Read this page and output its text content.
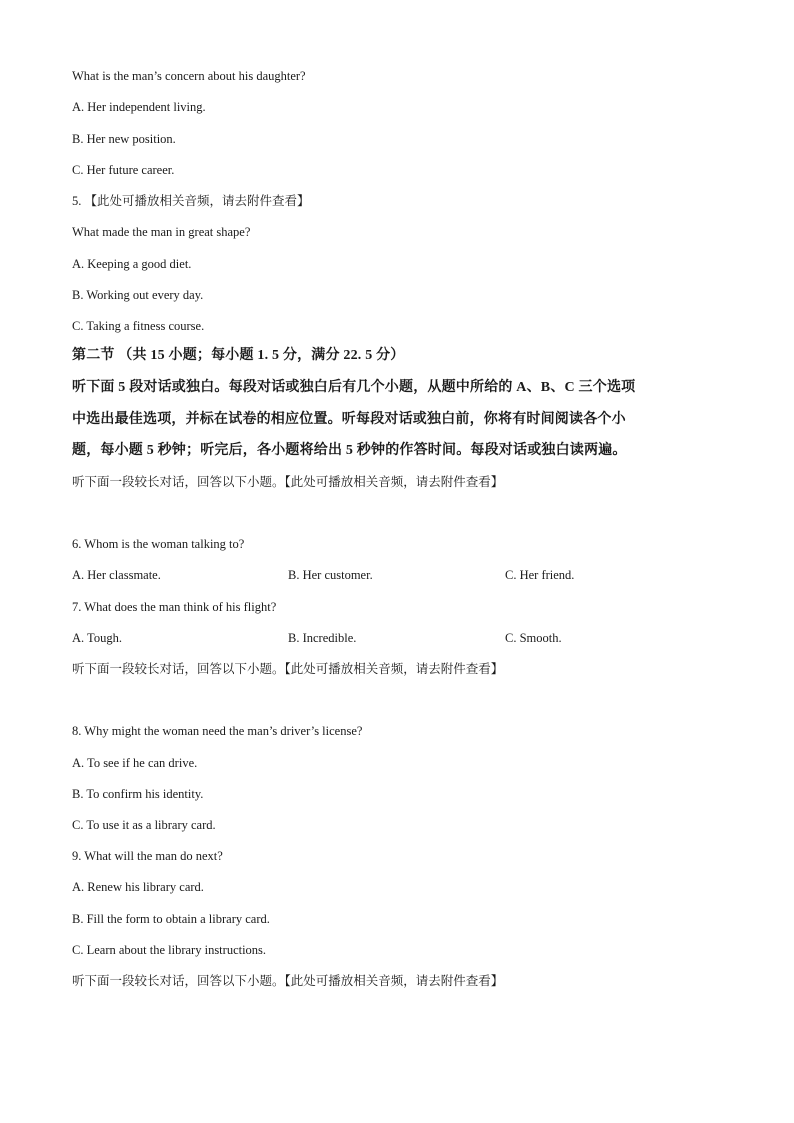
What is the man’s concern about his daughter?
A. Her independent living.
B. Her new position.
C. Her future career.
5. 【此处可播放相关音频，请去附件查看】
What made the man in great shape?
A. Keeping a good diet.
B. Working out every day.
C. Taking a fitness course.
第二节 （共 15 小题；每小题 1. 5 分，满分 22. 5 分）
听下面 5 段对话或独白。每段对话或独白后有几个小题，从题中所给的 A、B、C 三个选项
中选出最佳选项，并标在试卷的相应位置。听每段对话或独白前，你将有时间阅读各个小
题，每小题 5 秒钟；听完后，各小题将给出 5 秒钟的作答时间。每段对话或独白读两遍。
听下面一段较长对话，回答以下小题。【此处可播放相关音频，请去附件查看】
6. Whom is the woman talking to?
A. Her classmate.	B. Her customer.	C. Her friend.
7. What does the man think of his flight?
A. Tough.	B. Incredible.	C. Smooth.
听下面一段较长对话，回答以下小题。【此处可播放相关音频，请去附件查看】
8. Why might the woman need the man’s driver’s license?
A. To see if he can drive.
B. To confirm his identity.
C. To use it as a library card.
9. What will the man do next?
A. Renew his library card.
B. Fill the form to obtain a library card.
C. Learn about the library instructions.
听下面一段较长对话，回答以下小题。【此处可播放相关音频，请去附件查看】
